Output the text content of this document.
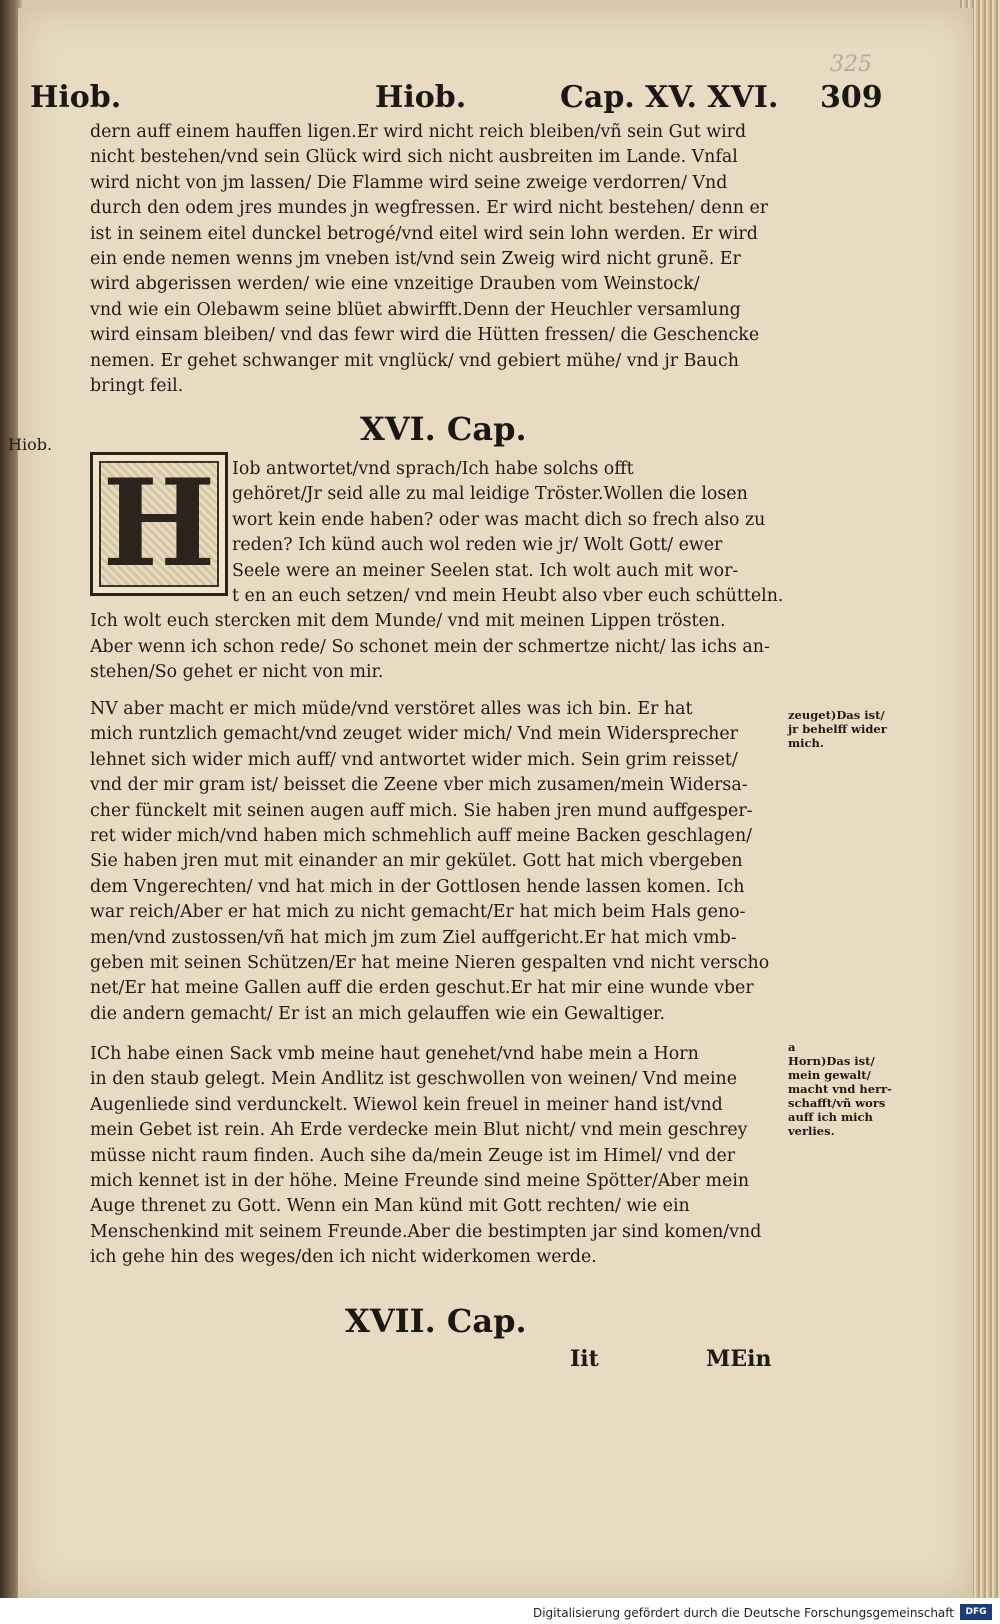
Hiob.	Hiob.	Cap. XV. XVI. 309
325
dern auff einem hauffen ligen.Er wird nicht reich bleiben/vñ sein Gut wird
nicht bestehen/vnd sein Glück wird sich nicht ausbreiten im Lande. Vnfal
wird nicht von jm lassen/ Die Flamme wird seine zweige verdorren/ Vnd
durch den odem jres mundes jn wegfressen. Er wird nicht bestehen/ denn er
ist in seinem eitel dunckel betrogé/vnd eitel wird sein lohn werden. Er wird
ein ende nemen wenns jm vneben ist/vnd sein Zweig wird nicht grunẽ. Er
wird abgerissen werden/ wie eine vnzeitige Drauben vom Weinstock/
vnd wie ein Olebawm seine blüet abwirfft.Denn der Heuchler versamlung
wird einsam bleiben/ vnd das fewr wird die Hütten fressen/ die Geschencke
nemen. Er gehet schwanger mit vnglück/ vnd gebiert mühe/ vnd jr Bauch
bringt feil.
XVI. Cap.
Hiob.
H Iob antwortet/vnd sprach/Ich habe solchs offt
gehöret/Jr seid alle zu mal leidige Tröster.Wollen die losen
wort kein ende haben? oder was macht dich so frech also zu
reden? Ich künd auch wol reden wie jr/ Wolt Gott/ ewer
Seele were an meiner Seelen stat. Ich wolt auch mit wor-
t en an euch setzen/ vnd mein Heubt also vber euch schütteln.
Ich wolt euch stercken mit dem Munde/ vnd mit meinen Lippen trösten.
Aber wenn ich schon rede/ So schonet mein der schmertze nicht/ las ichs an-
stehen/So gehet er nicht von mir.
NV aber macht er mich müde/vnd verstöret alles was ich bin. Er hat
mich runtzlich gemacht/vnd zeuget wider mich/ Vnd mein Widersprecher
lehnet sich wider mich auff/ vnd antwortet wider mich. Sein grim reisset/
vnd der mir gram ist/ beisset die Zeene vber mich zusamen/mein Widersa-
cher fünckelt mit seinen augen auff mich. Sie haben jren mund auffgesper-
ret wider mich/vnd haben mich schmehlich auff meine Backen geschlagen/
Sie haben jren mut mit einander an mir gekület. Gott hat mich vbergeben
dem Vngerechten/ vnd hat mich in der Gottlosen hende lassen komen. Ich
war reich/Aber er hat mich zu nicht gemacht/Er hat mich beim Hals geno-
men/vnd zustossen/vñ hat mich jm zum Ziel auffgericht.Er hat mich vmb-
geben mit seinen Schützen/Er hat meine Nieren gespalten vnd nicht verscho
net/Er hat meine Gallen auff die erden geschut.Er hat mir eine wunde vber
die andern gemacht/ Er ist an mich gelauffen wie ein Gewaltiger.
zeuget)Das ist/
jr behelff wider
mich.
ICh habe einen Sack vmb meine haut genehet/vnd habe mein a Horn
in den staub gelegt. Mein Andlitz ist geschwollen von weinen/ Vnd meine
Augenliede sind verdunckelt. Wiewol kein freuel in meiner hand ist/vnd
mein Gebet ist rein. Ah Erde verdecke mein Blut nicht/ vnd mein geschrey
müsse nicht raum finden. Auch sihe da/mein Zeuge ist im Himel/ vnd der
mich kennet ist in der höhe. Meine Freunde sind meine Spötter/Aber mein
Auge threnet zu Gott. Wenn ein Man künd mit Gott rechten/ wie ein
Menschenkind mit seinem Freunde.Aber die bestimpten jar sind komen/vnd
ich gehe hin des weges/den ich nicht widerkomen werde.
a
Horn)Das ist/
mein gewalt/
macht vnd herr-
schafft/vñ wors
auff ich mich
verlies.
XVII. Cap.
Iit	MEin
Digitalisierung gefördert durch die Deutsche Forschungsgemeinschaft	DFG
